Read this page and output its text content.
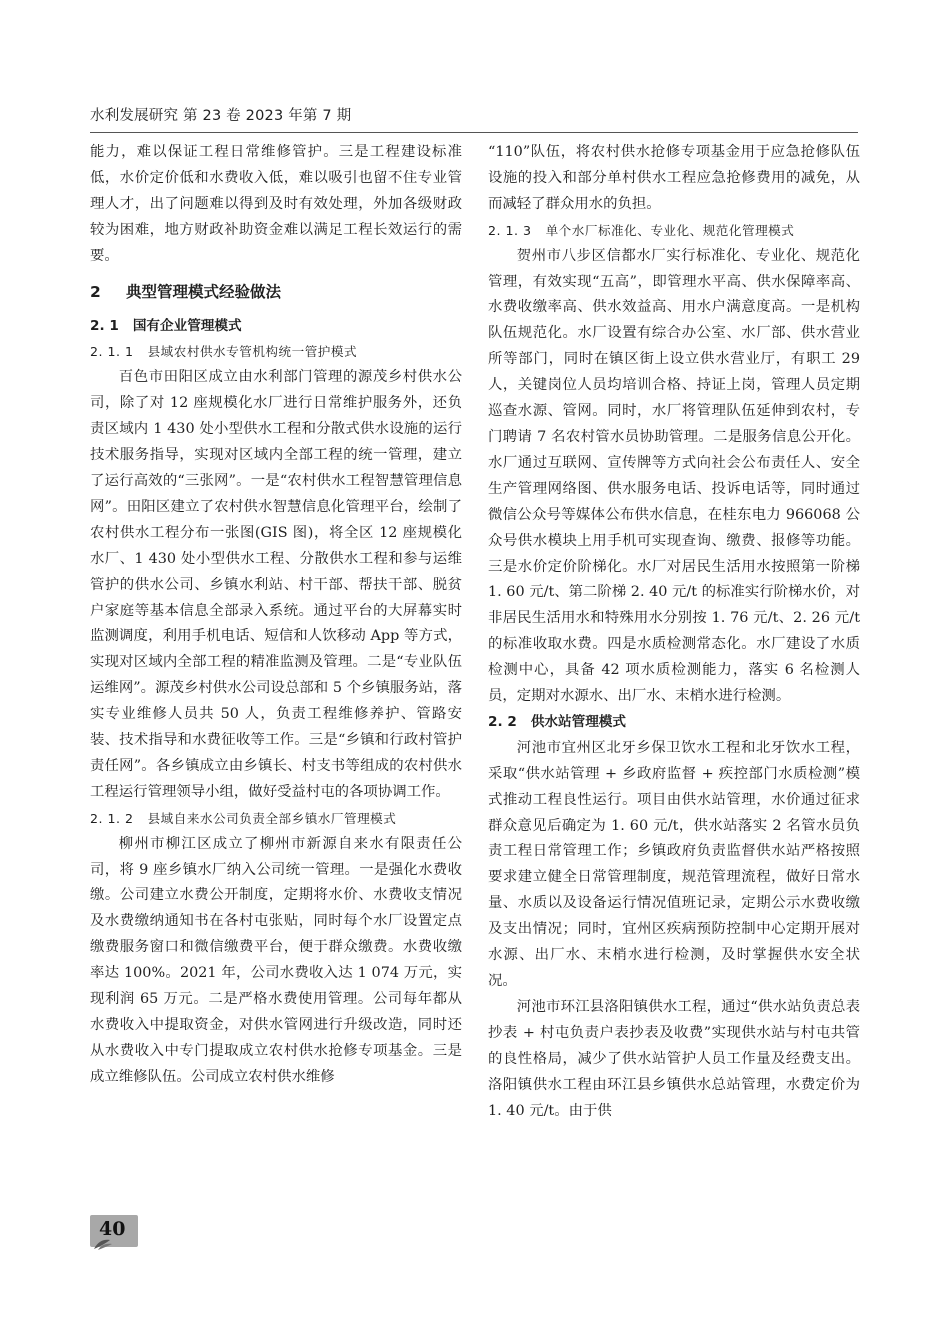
水利发展研究 第 23 卷 2023 年第 7 期

能力，难以保证工程日常维修管护。三是工程建设标准低，水价定价低和水费收入低，难以吸引也留不住专业管理人才，出了问题难以得到及时有效处理，外加各级财政较为困难，地方财政补助资金难以满足工程长效运行的需要。

2 典型管理模式经验做法
2. 1 国有企业管理模式
2. 1. 1 县域农村供水专管机构统一管护模式

百色市田阳区成立由水利部门管理的源茂乡村供水公司，除了对 12 座规模化水厂进行日常维护服务外，还负责区域内 1 430 处小型供水工程和分散式供水设施的运行技术服务指导，实现对区域内全部工程的统一管理，建立了运行高效的“三张网”。一是“农村供水工程智慧管理信息网”。田阳区建立了农村供水智慧信息化管理平台，绘制了农村供水工程分布一张图(GIS 图)，将全区 12 座规模化水厂、1 430 处小型供水工程、分散供水工程和参与运维管护的供水公司、乡镇水利站、村干部、帮扶干部、脱贫户家庭等基本信息全部录入系统。通过平台的大屏幕实时监测调度，利用手机电话、短信和人饮移动 App 等方式，实现对区域内全部工程的精准监测及管理。二是“专业队伍运维网”。源茂乡村供水公司设总部和 5 个乡镇服务站，落实专业维修人员共 50 人，负责工程维修养护、管路安装、技术指导和水费征收等工作。三是“乡镇和行政村管护责任网”。各乡镇成立由乡镇长、村支书等组成的农村供水工程运行管理领导小组，做好受益村屯的各项协调工作。

2. 1. 2 县域自来水公司负责全部乡镇水厂管理模式

柳州市柳江区成立了柳州市新源自来水有限责任公司，将 9 座乡镇水厂纳入公司统一管理。一是强化水费收缴。公司建立水费公开制度，定期将水价、水费收支情况及水费缴纳通知书在各村屯张贴，同时每个水厂设置定点缴费服务窗口和微信缴费平台，便于群众缴费。水费收缴率达 100%。2021 年，公司水费收入达 1 074 万元，实现利润 65 万元。二是严格水费使用管理。公司每年都从水费收入中提取资金，对供水管网进行升级改造，同时还从水费收入中专门提取成立农村供水抢修专项基金。三是成立维修队伍。公司成立农村供水维修

“110”队伍，将农村供水抢修专项基金用于应急抢修队伍设施的投入和部分单村供水工程应急抢修费用的减免，从而减轻了群众用水的负担。

2. 1. 3 单个水厂标准化、专业化、规范化管理模式

贺州市八步区信都水厂实行标准化、专业化、规范化管理，有效实现“五高”，即管理水平高、供水保障率高、水费收缴率高、供水效益高、用水户满意度高。一是机构队伍规范化。水厂设置有综合办公室、水厂部、供水营业所等部门，同时在镇区街上设立供水营业厅，有职工 29 人，关键岗位人员均培训合格、持证上岗，管理人员定期巡查水源、管网。同时，水厂将管理队伍延伸到农村，专门聘请 7 名农村管水员协助管理。二是服务信息公开化。水厂通过互联网、宣传牌等方式向社会公布责任人、安全生产管理网络图、供水服务电话、投诉电话等，同时通过微信公众号等媒体公布供水信息，在桂东电力 966068 公众号供水模块上用手机可实现查询、缴费、报修等功能。三是水价定价阶梯化。水厂对居民生活用水按照第一阶梯 1. 60 元/t、第二阶梯 2. 40 元/t 的标准实行阶梯水价，对非居民生活用水和特殊用水分别按 1. 76 元/t、2. 26 元/t 的标准收取水费。四是水质检测常态化。水厂建设了水质检测中心，具备 42 项水质检测能力，落实 6 名检测人员，定期对水源水、出厂水、末梢水进行检测。

2. 2 供水站管理模式

河池市宜州区北牙乡保卫饮水工程和北牙饮水工程，采取“供水站管理 + 乡政府监督 + 疾控部门水质检测”模式推动工程良性运行。项目由供水站管理，水价通过征求群众意见后确定为 1. 60 元/t，供水站落实 2 名管水员负责工程日常管理工作；乡镇政府负责监督供水站严格按照要求建立健全日常管理制度，规范管理流程，做好日常水量、水质以及设备运行情况值班记录，定期公示水费收缴及支出情况；同时，宜州区疾病预防控制中心定期开展对水源、出厂水、末梢水进行检测，及时掌握供水安全状况。

河池市环江县洛阳镇供水工程，通过“供水站负责总表抄表 + 村屯负责户表抄表及收费”实现供水站与村屯共管的良性格局，减少了供水站管护人员工作量及经费支出。洛阳镇供水工程由环江县乡镇供水总站管理，水费定价为 1. 40 元/t。由于供

40
